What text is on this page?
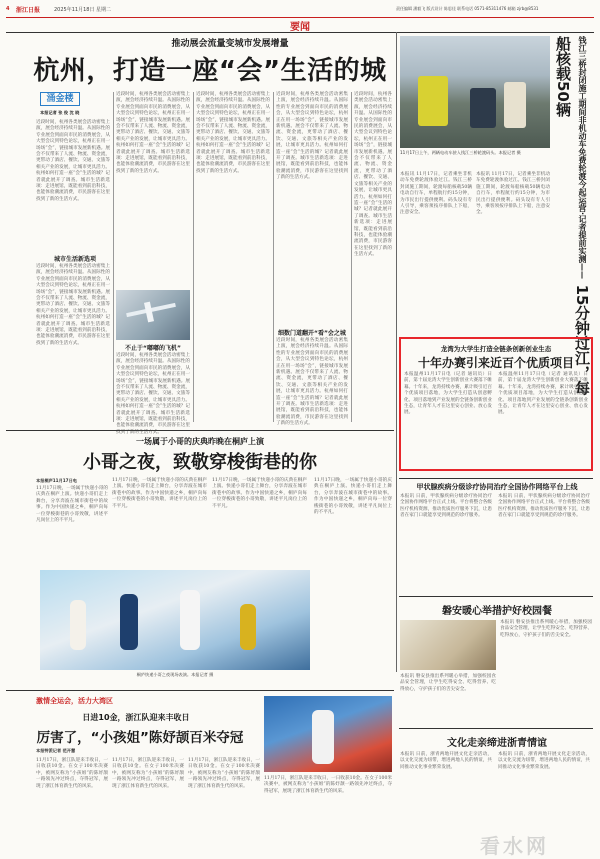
4 浙江日报	2025年11月18日 星期二	责任编辑 潘毅飞 版式设计 陈思佳 联系电话 0571-85311476 邮箱 zjrb@8531
要闻
推动展会流量变城市发展增量
杭州，打造一座“会”生活的城
涌金楼
本报记者 张 俊 沈 晓
近段时间，杭州各类展会活动密集上演，展会经济持续升温。从国际性的专业展会到面向市民的消费展会，从大型会议到特色论坛，杭州正在用一场场“会”，链接城市发展新机遇。展会不仅带来了人流、物流、资金流，更带动了酒店、餐饮、交通、文旅等相关产业的发展，让城市更具活力。杭州如何打造一座“会”生活的城？记者就此展开了调查。城市生活新选项：走进展馆，既能看到前沿科技，也能体验潮流消费，市民游客在这里找到了新的生活方式。
城市生活新选项
近段时间，杭州各类展会活动密集上演，展会经济持续升温。从国际性的专业展会到面向市民的消费展会，从大型会议到特色论坛，杭州正在用一场场“会”，链接城市发展新机遇。展会不仅带来了人流、物流、资金流，更带动了酒店、餐饮、交通、文旅等相关产业的发展，让城市更具活力。杭州如何打造一座“会”生活的城？记者就此展开了调查。城市生活新选项：走进展馆，既能看到前沿科技，也能体验潮流消费，市民游客在这里找到了新的生活方式。
近段时间，杭州各类展会活动密集上演，展会经济持续升温。从国际性的专业展会到面向市民的消费展会，从大型会议到特色论坛，杭州正在用一场场“会”，链接城市发展新机遇。展会不仅带来了人流、物流、资金流，更带动了酒店、餐饮、交通、文旅等相关产业的发展，让城市更具活力。杭州如何打造一座“会”生活的城？记者就此展开了调查。城市生活新选项：走进展馆，既能看到前沿科技，也能体验潮流消费，市民游客在这里找到了新的生活方式。
不止于“嘟嘟的飞机”
近段时间，杭州各类展会活动密集上演，展会经济持续升温。从国际性的专业展会到面向市民的消费展会，从大型会议到特色论坛，杭州正在用一场场“会”，链接城市发展新机遇。展会不仅带来了人流、物流、资金流，更带动了酒店、餐饮、交通、文旅等相关产业的发展，让城市更具活力。杭州如何打造一座“会”生活的城？记者就此展开了调查。城市生活新选项：走进展馆，既能看到前沿科技，也能体验潮流消费，市民游客在这里找到了新的生活方式。
近段时间，杭州各类展会活动密集上演，展会经济持续升温。从国际性的专业展会到面向市民的消费展会，从大型会议到特色论坛，杭州正在用一场场“会”，链接城市发展新机遇。展会不仅带来了人流、物流、资金流，更带动了酒店、餐饮、交通、文旅等相关产业的发展，让城市更具活力。杭州如何打造一座“会”生活的城？记者就此展开了调查。城市生活新选项：走进展馆，既能看到前沿科技，也能体验潮流消费，市民游客在这里找到了新的生活方式。
近段时间，杭州各类展会活动密集上演，展会经济持续升温。从国际性的专业展会到面向市民的消费展会，从大型会议到特色论坛，杭州正在用一场场“会”，链接城市发展新机遇。展会不仅带来了人流、物流、资金流，更带动了酒店、餐饮、交通、文旅等相关产业的发展，让城市更具活力。杭州如何打造一座“会”生活的城？记者就此展开了调查。城市生活新选项：走进展馆，既能看到前沿科技，也能体验潮流消费，市民游客在这里找到了新的生活方式。
细数门道翻开“看”会之城
近段时间，杭州各类展会活动密集上演，展会经济持续升温。从国际性的专业展会到面向市民的消费展会，从大型会议到特色论坛，杭州正在用一场场“会”，链接城市发展新机遇。展会不仅带来了人流、物流、资金流，更带动了酒店、餐饮、交通、文旅等相关产业的发展，让城市更具活力。杭州如何打造一座“会”生活的城？记者就此展开了调查。城市生活新选项：走进展馆，既能看到前沿科技，也能体验潮流消费，市民游客在这里找到了新的生活方式。
近段时间，杭州各类展会活动密集上演，展会经济持续升温。从国际性的专业展会到面向市民的消费展会，从大型会议到特色论坛，杭州正在用一场场“会”，链接城市发展新机遇。展会不仅带来了人流、物流、资金流，更带动了酒店、餐饮、交通、文旅等相关产业的发展，让城市更具活力。杭州如何打造一座“会”生活的城？记者就此展开了调查。城市生活新选项：走进展馆，既能看到前沿科技，也能体验潮流消费，市民游客在这里找到了新的生活方式。
11月17日上午，两辆电动车驶入钱江三桥轮渡码头。本报记者 摄	钱江三桥封闭施工期间非机动车免费轮渡今起运营·记者提前实测—— 15分钟过江，每船核载50辆
本报讯 11月17日，记者乘坐非机动车免费轮渡体验过江。钱江三桥封闭施工期间，轮渡每船核载50辆电动自行车，单程航行约15分钟，为市民出行提供便利。码头设有专人引导，乘客须按序排队上下船，注意安全。
本报讯 11月17日，记者乘坐非机动车免费轮渡体验过江。钱江三桥封闭施工期间，轮渡每船核载50辆电动自行车，单程航行约15分钟，为市民出行提供便利。码头设有专人引导，乘客须按序排队上下船，注意安全。
龙湾为大学生打造全链条创新创业生态
十年办赛引来近百个优质项目
本报温州11月17日电（记者 通讯员）日前，第十届龙湾大学生创新创业大赛落下帷幕。十年来，龙湾持续办赛，累计吸引近百个优质项目落地，为大学生打造从创意孵化、项目落地到产业发展的全链条创新创业生态，让青年人才在这里安心创业、放心发展。
本报温州11月17日电（记者 通讯员）日前，第十届龙湾大学生创新创业大赛落下帷幕。十年来，龙湾持续办赛，累计吸引近百个优质项目落地，为大学生打造从创意孵化、项目落地到产业发展的全链条创新创业生态，让青年人才在这里安心创业、放心发展。
一场属于小哥的庆典昨晚在桐庐上演
小哥之夜，致敬穿梭街巷的你
本报桐庐11月17日电
11月17日晚，一场属于快递小哥的庆典在桐庐上演。快递小哥们走上舞台，分享奔波在城市街巷中的故事。作为中国快递之乡，桐庐向每一位穿梭街巷的小哥致敬，讲述平凡岗位上的不平凡。
桐庐快递小哥之夜现场表演。本报记者 摄
11月17日晚，一场属于快递小哥的庆典在桐庐上演。快递小哥们走上舞台，分享奔波在城市街巷中的故事。作为中国快递之乡，桐庐向每一位穿梭街巷的小哥致敬，讲述平凡岗位上的不平凡。
11月17日晚，一场属于快递小哥的庆典在桐庐上演。快递小哥们走上舞台，分享奔波在城市街巷中的故事。作为中国快递之乡，桐庐向每一位穿梭街巷的小哥致敬，讲述平凡岗位上的不平凡。
11月17日晚，一场属于快递小哥的庆典在桐庐上演。快递小哥们走上舞台，分享奔波在城市街巷中的故事。作为中国快递之乡，桐庐向每一位穿梭街巷的小哥致敬，讲述平凡岗位上的不平凡。
甲状腺疾病分级诊疗协同治疗全国协作网络平台上线
本报讯 日前，甲状腺疾病分级诊疗协同治疗全国协作网络平台正式上线。平台将整合各级医疗机构资源，推动优质医疗服务下沉，让患者在家门口就能享受到规范的诊疗服务。
本报讯 日前，甲状腺疾病分级诊疗协同治疗全国协作网络平台正式上线。平台将整合各级医疗机构资源，推动优质医疗服务下沉，让患者在家门口就能享受到规范的诊疗服务。
磐安暖心举措护好校园餐
本报讯 磐安县推出系列暖心举措，加强校园食品安全管理，让学生吃得安全、吃得营养、吃得放心，守护孩子们的舌尖安全。
本报讯 磐安县推出系列暖心举措，加强校园食品安全管理，让学生吃得安全、吃得营养、吃得放心，守护孩子们的舌尖安全。
文化走亲缔进浙青情谊
本报讯 日前，浙青两地开展文化走亲活动，以文化交流为纽带，增进两地人民的情谊，共同推动文化事业繁荣发展。
本报讯 日前，浙青两地开展文化走亲活动，以文化交流为纽带，增进两地人民的情谊，共同推动文化事业繁荣发展。
激情全运会，活力大湾区
日进10金，浙江队迎来丰收日
厉害了，“小孩姐”陈妤颉百米夺冠
本报特派记者 范开慧
11月17日，浙江队迎来丰收日，一日收获10金。在女子100米决赛中，被网友称为“小孩姐”的陈妤颉一路领先冲过终点，夺得冠军，展现了浙江体育新生代的风采。
11月17日，浙江队迎来丰收日，一日收获10金。在女子100米决赛中，被网友称为“小孩姐”的陈妤颉一路领先冲过终点，夺得冠军，展现了浙江体育新生代的风采。
11月17日，浙江队迎来丰收日，一日收获10金。在女子100米决赛中，被网友称为“小孩姐”的陈妤颉一路领先冲过终点，夺得冠军，展现了浙江体育新生代的风采。
11月17日，浙江队迎来丰收日，一日收获10金。在女子100米决赛中，被网友称为“小孩姐”的陈妤颉一路领先冲过终点，夺得冠军，展现了浙江体育新生代的风采。
看水网
